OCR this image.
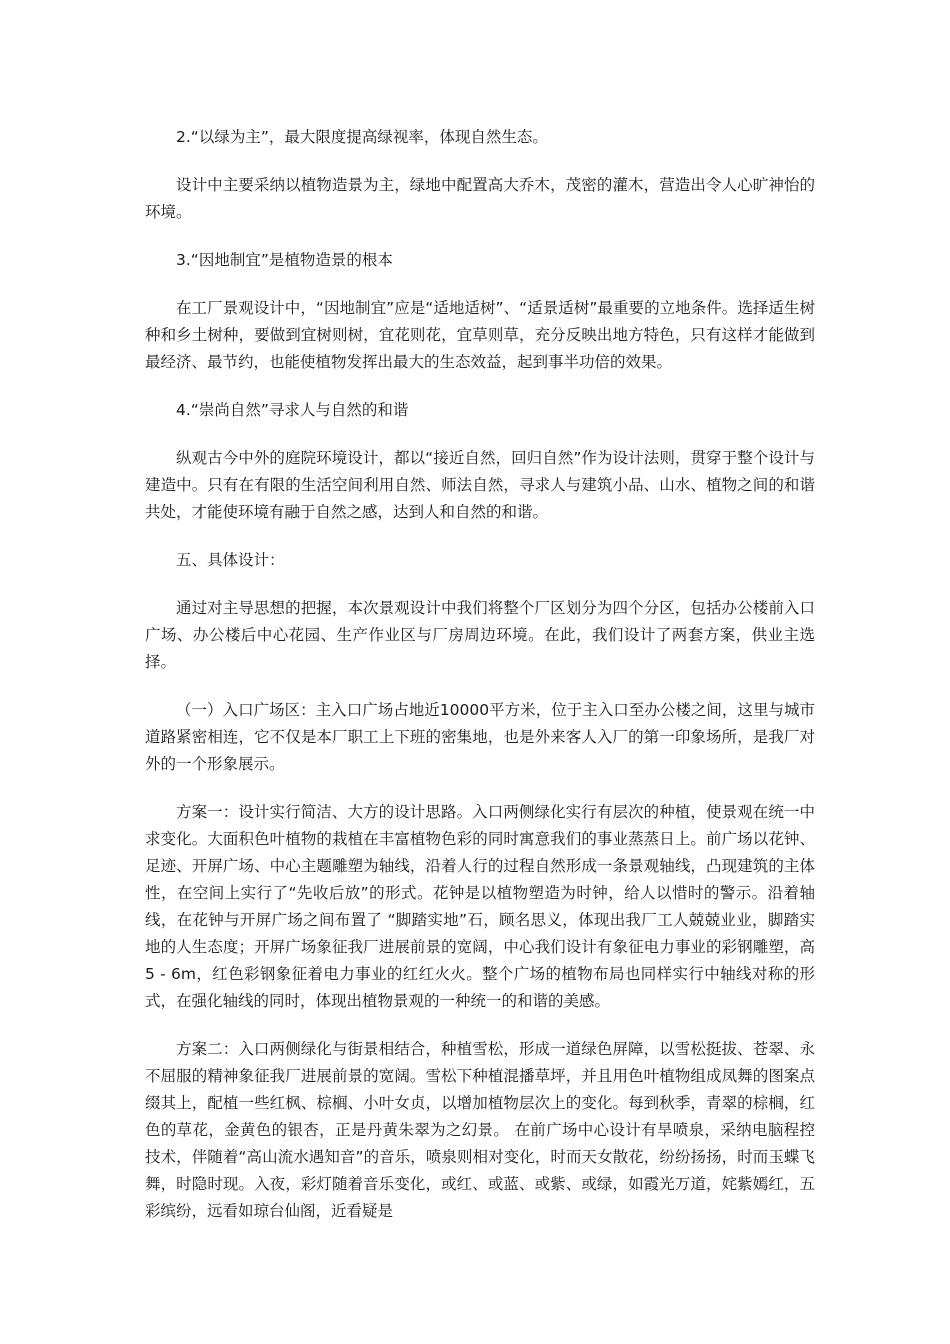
2.“以绿为主”，最大限度提高绿视率，体现自然生态。

设计中主要采纳以植物造景为主，绿地中配置高大乔木，茂密的灌木，营造出令人心旷神怡的环境。

3.“因地制宜”是植物造景的根本

在工厂景观设计中，“因地制宜”应是“适地适树”、“适景适树”最重要的立地条件。选择适生树种和乡土树种，要做到宜树则树，宜花则花，宜草则草，充分反映出地方特色，只有这样才能做到最经济、最节约，也能使植物发挥出最大的生态效益，起到事半功倍的效果。

4.“崇尚自然”寻求人与自然的和谐

纵观古今中外的庭院环境设计，都以“接近自然，回归自然”作为设计法则，贯穿于整个设计与建造中。只有在有限的生活空间利用自然、师法自然，寻求人与建筑小品、山水、植物之间的和谐共处，才能使环境有融于自然之感，达到人和自然的和谐。

五、具体设计：

通过对主导思想的把握，本次景观设计中我们将整个厂区划分为四个分区，包括办公楼前入口广场、办公楼后中心花园、生产作业区与厂房周边环境。在此，我们设计了两套方案，供业主选择。

（一）入口广场区：主入口广场占地近10000平方米，位于主入口至办公楼之间，这里与城市道路紧密相连，它不仅是本厂职工上下班的密集地，也是外来客人入厂的第一印象场所，是我厂对外的一个形象展示。

方案一：设计实行简洁、大方的设计思路。入口两侧绿化实行有层次的种植，使景观在统一中求变化。大面积色叶植物的栽植在丰富植物色彩的同时寓意我们的事业蒸蒸日上。前广场以花钟、足迹、开屏广场、中心主题雕塑为轴线，沿着人行的过程自然形成一条景观轴线，凸现建筑的主体性，在空间上实行了“先收后放”的形式。花钟是以植物塑造为时钟，给人以惜时的警示。沿着轴线，在花钟与开屏广场之间布置了 “脚踏实地”石，顾名思义，体现出我厂工人兢兢业业，脚踏实地的人生态度；开屏广场象征我厂进展前景的宽阔，中心我们设计有象征电力事业的彩钢雕塑，高5 - 6m，红色彩钢象征着电力事业的红红火火。整个广场的植物布局也同样实行中轴线对称的形式，在强化轴线的同时，体现出植物景观的一种统一的和谐的美感。

方案二：入口两侧绿化与街景相结合，种植雪松，形成一道绿色屏障，以雪松挺拔、苍翠、永不屈服的精神象征我厂进展前景的宽阔。雪松下种植混播草坪，并且用色叶植物组成凤舞的图案点缀其上，配植一些红枫、棕榈、小叶女贞，以增加植物层次上的变化。每到秋季，青翠的棕榈，红色的草花，金黄色的银杏，正是丹黄朱翠为之幻景。 在前广场中心设计有旱喷泉，采纳电脑程控技术，伴随着“高山流水遇知音”的音乐，喷泉则相对变化，时而天女散花，纷纷扬扬，时而玉蝶飞舞，时隐时现。入夜，彩灯随着音乐变化，或红、或蓝、或紫、或绿，如霞光万道，姹紫嫣红，五彩缤纷，远看如琼台仙阁，近看疑是
